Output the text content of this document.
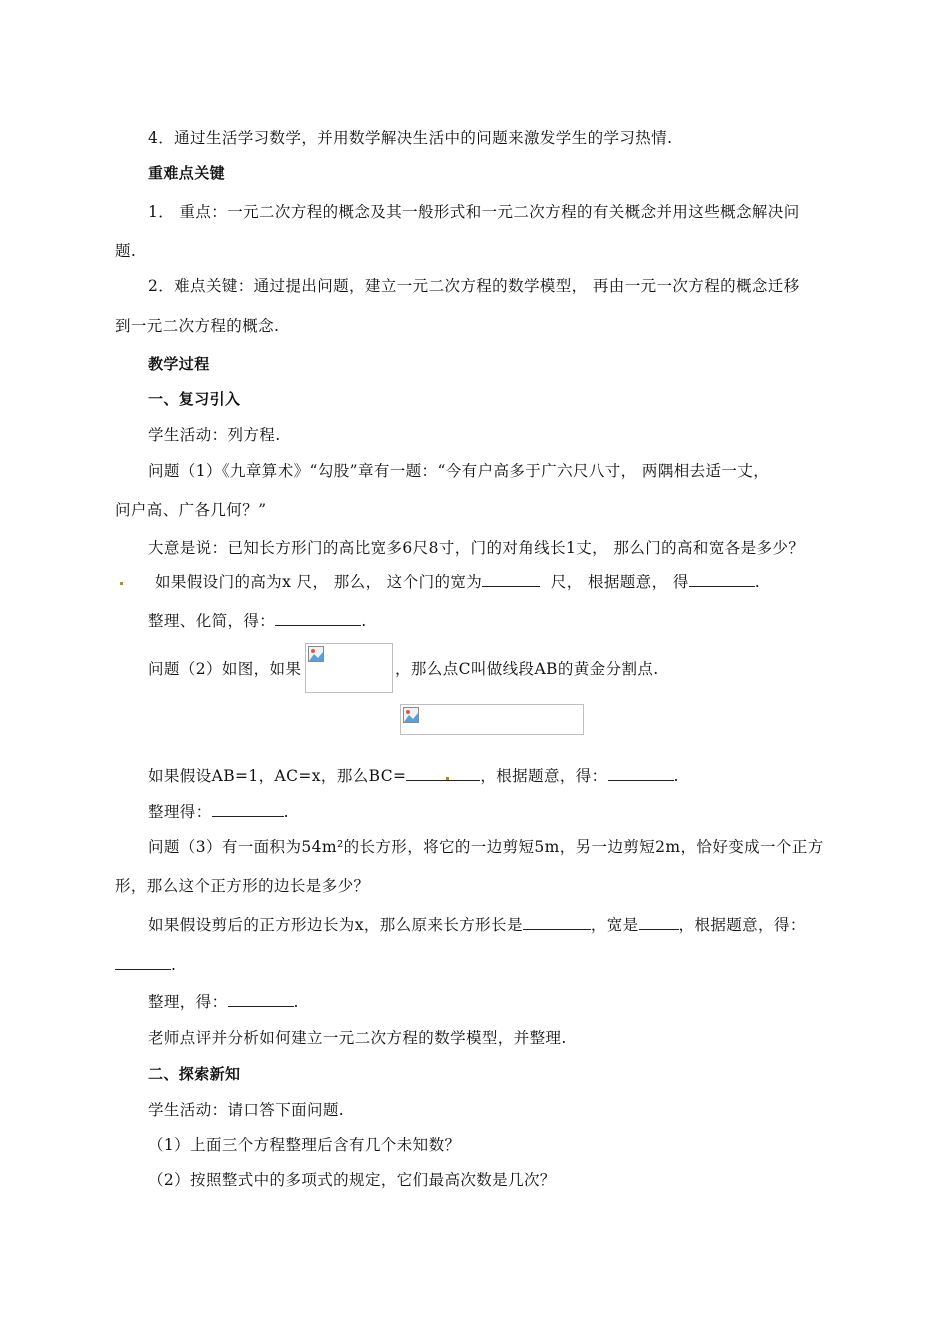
4．通过生活学习数学，并用数学解决生活中的问题来激发学生的学习热情.
重难点关键
1． 重点：一元二次方程的概念及其一般形式和一元二次方程的有关概念并用这些概念解决问
题.
2．难点关键：通过提出问题，建立一元二次方程的数学模型， 再由一元一次方程的概念迁移
到一元二次方程的概念.
教学过程
一、复习引入
学生活动：列方程.
问题（1）《九章算术》“勾股”章有一题：“今有户高多于广六尺八寸， 两隅相去适一丈，
问户高、广各几何？”
大意是说：已知长方形门的高比宽多6尺8寸，门的对角线长1丈， 那么门的高和宽各是多少？
如果假设门的高为x 尺， 那么， 这个门的宽为	尺， 根据题意， 得	.
整理、化简，得：	.
问题（2）如图，如果	，那么点C叫做线段AB的黄金分割点.
如果假设AB=1，AC=x，那么BC=	，根据题意，得：	.
整理得：	.
问题（3）有一面积为54m²的长方形，将它的一边剪短5m，另一边剪短2m，恰好变成一个正方
形，那么这个正方形的边长是多少？
如果假设剪后的正方形边长为x，那么原来长方形长是	，宽是	，根据题意，得：
.
整理，得：	.
老师点评并分析如何建立一元二次方程的数学模型，并整理.
二、探索新知
学生活动：请口答下面问题.
（1）上面三个方程整理后含有几个未知数？
（2）按照整式中的多项式的规定，它们最高次数是几次？
